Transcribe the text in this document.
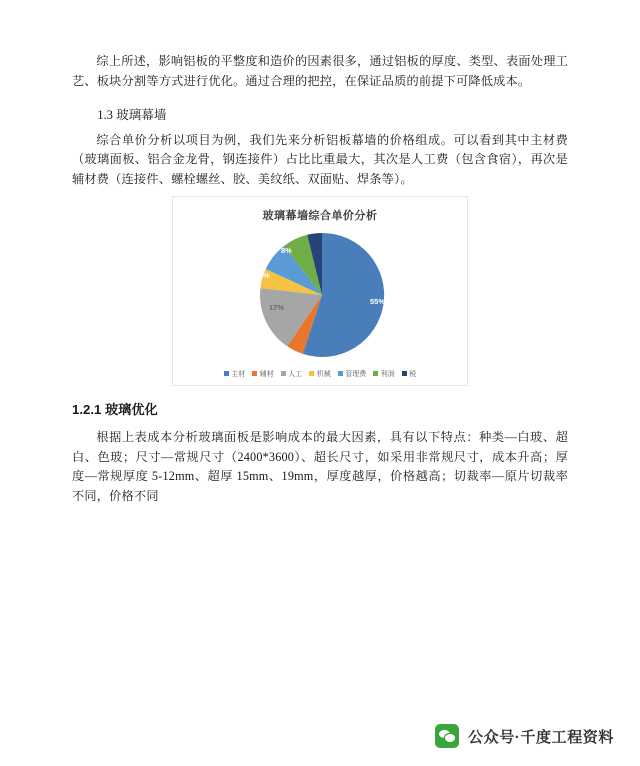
综上所述，影响铝板的平整度和造价的因素很多，通过铝板的厚度、类型、表面处理工艺、板块分割等方式进行优化。通过合理的把控，在保证品质的前提下可降低成本。

1.3 玻璃幕墙

综合单价分析以项目为例，我们先来分析铝板幕墙的价格组成。可以看到其中主材费（玻璃面板、铝合金龙骨，钢连接件）占比比重最大，其次是人工费（包含食宿），再次是辅材费（连接件、螺栓螺丝、胶、美纹纸、双面贴、焊条等）。

玻璃幕墙综合单价分析
55%
17%
5%
8%
主材 辅材 人工 机械 管理费 利润 税
1.2.1 玻璃优化

根据上表成本分析玻璃面板是影响成本的最大因素，具有以下特点：种类—白玻、超白、色玻；尺寸—常规尺寸（2400*3600）、超长尺寸，如采用非常规尺寸，成本升高；厚度—常规厚度 5-12mm、超厚 15mm、19mm，厚度越厚，价格越高；切裁率—原片切裁率不同，价格不同

公众号·千度工程资料
